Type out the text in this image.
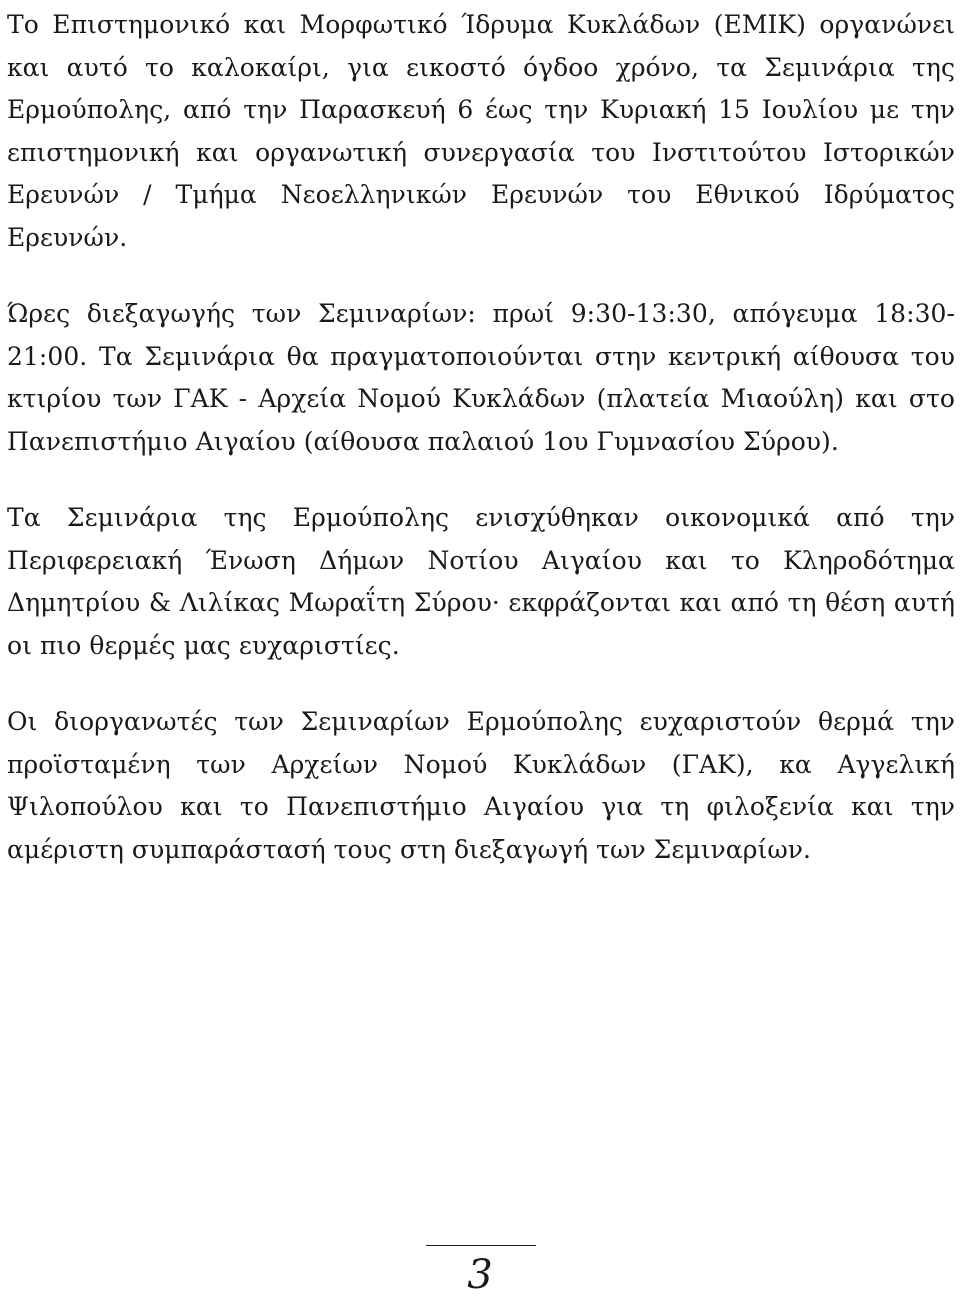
Το Επιστημονικό και Μορφωτικό Ίδρυμα Κυκλάδων (ΕΜΙΚ) οργανώνει και αυτό το καλοκαίρι, για εικοστό όγδοο χρόνο, τα Σεμινάρια της Ερμούπολης, από την Παρασκευή 6 έως την Κυριακή 15 Ιουλίου με την επιστημονική και οργανωτική συνεργασία του Ινστιτούτου Ιστορικών Ερευνών / Τμήμα Νεοελληνικών Ερευνών του Εθνικού Ιδρύματος Ερευνών.

Ώρες διεξαγωγής των Σεμιναρίων: πρωί 9:30-13:30, απόγευμα 18:30-21:00. Τα Σεμινάρια θα πραγματοποιούνται στην κεντρική αίθουσα του κτιρίου των ΓΑΚ - Αρχεία Νομού Κυκλάδων (πλατεία Μιαούλη) και στο Πανεπιστήμιο Αιγαίου (αίθουσα παλαιού 1ου Γυμνασίου Σύρου).

Τα Σεμινάρια της Ερμούπολης ενισχύθηκαν οικονομικά από την Περιφερειακή Ένωση Δήμων Νοτίου Αιγαίου και το Κληροδότημα Δημητρίου & Λιλίκας Μωραΐτη Σύρου· εκφράζονται και από τη θέση αυτή οι πιο θερμές μας ευχαριστίες.

Οι διοργανωτές των Σεμιναρίων Ερμούπολης ευχαριστούν θερμά την προϊσταμένη των Αρχείων Νομού Κυκλάδων (ΓΑΚ), κα Αγγελική Ψιλοπούλου και το Πανεπιστήμιο Αιγαίου για τη φιλοξενία και την αμέριστη συμπαράστασή τους στη διεξαγωγή των Σεμιναρίων.

3
